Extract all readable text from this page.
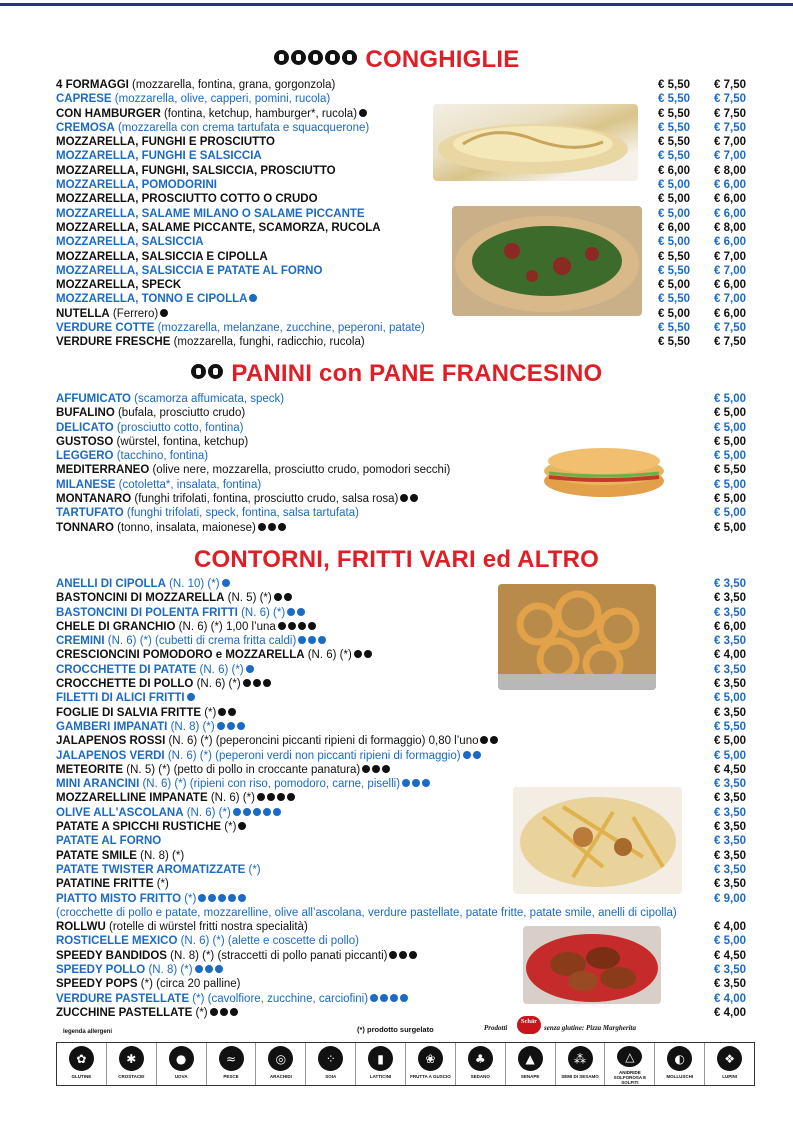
CONGHIGLIE
4 FORMAGGI (mozzarella, fontina, grana, gorgonzola)	€ 5,50 € 7,50
CAPRESE (mozzarella, olive, capperi, pomini, rucola)	€ 5,50 € 7,50
CON HAMBURGER (fontina, ketchup, hamburger*, rucola)	€ 5,50 € 7,50
CREMOSA (mozzarella con crema tartufata e squacquerone)	€ 5,50 € 7,50
MOZZARELLA, FUNGHI E PROSCIUTTO	€ 5,50 € 7,00
MOZZARELLA, FUNGHI E SALSICCIA	€ 5,50 € 7,00
MOZZARELLA, FUNGHI, SALSICCIA, PROSCIUTTO	€ 6,00 € 8,00
MOZZARELLA, POMODORINI	€ 5,00 € 6,00
MOZZARELLA, PROSCIUTTO COTTO O CRUDO	€ 5,00 € 6,00
MOZZARELLA, SALAME MILANO O SALAME PICCANTE	€ 5,00 € 6,00
MOZZARELLA, SALAME PICCANTE, SCAMORZA, RUCOLA	€ 6,00 € 8,00
MOZZARELLA, SALSICCIA	€ 5,00 € 6,00
MOZZARELLA, SALSICCIA E CIPOLLA	€ 5,50 € 7,00
MOZZARELLA, SALSICCIA E PATATE AL FORNO	€ 5,50 € 7,00
MOZZARELLA, SPECK	€ 5,00 € 6,00
MOZZARELLA, TONNO E CIPOLLA	€ 5,50 € 7,00
NUTELLA (Ferrero)	€ 5,00 € 6,00
VERDURE COTTE (mozzarella, melanzane, zucchine, peperoni, patate)	€ 5,50 € 7,50
VERDURE FRESCHE (mozzarella, funghi, radicchio, rucola)	€ 5,50 € 7,50
PANINI con PANE FRANCESINO
AFFUMICATO (scamorza affumicata, speck)	€ 5,00
BUFALINO (bufala, prosciutto crudo)	€ 5,00
DELICATO (prosciutto cotto, fontina)	€ 5,00
GUSTOSO (würstel, fontina, ketchup)	€ 5,00
LEGGERO (tacchino, fontina)	€ 5,00
MEDITERRANEO (olive nere, mozzarella, prosciutto crudo, pomodori secchi)	€ 5,50
MILANESE (cotoletta*, insalata, fontina)	€ 5,00
MONTANARO (funghi trifolati, fontina, prosciutto crudo, salsa rosa)	€ 5,00
TARTUFATO (funghi trifolati, speck, fontina, salsa tartufata)	€ 5,00
TONNARO (tonno, insalata, maionese)	€ 5,00
CONTORNI, FRITTI VARI ed ALTRO
ANELLI DI CIPOLLA (N. 10) (*)	€ 3,50
BASTONCINI DI MOZZARELLA (N. 5) (*)	€ 3,50
BASTONCINI DI POLENTA FRITTI (N. 6) (*)	€ 3,50
CHELE DI GRANCHIO (N. 6) (*) 1,00 l’una	€ 6,00
CREMINI (N. 6) (*) (cubetti di crema fritta caldi)	€ 3,50
CRESCIONCINI POMODORO e MOZZARELLA (N. 6) (*)	€ 4,00
CROCCHETTE DI PATATE (N. 6) (*)	€ 3,50
CROCCHETTE DI POLLO (N. 6) (*)	€ 3,50
FILETTI DI ALICI FRITTI	€ 5,00
FOGLIE DI SALVIA FRITTE (*)	€ 3,50
GAMBERI IMPANATI (N. 8) (*)	€ 5,50
JALAPENOS ROSSI (N. 6) (*) (peperoncini piccanti ripieni di formaggio) 0,80 l’uno	€ 5,00
JALAPENOS VERDI (N. 6) (*) (peperoni verdi non piccanti ripieni di formaggio)	€ 5,00
METEORITE (N. 5) (*) (petto di pollo in croccante panatura)	€ 4,50
MINI ARANCINI (N. 6) (*) (ripieni con riso, pomodoro, carne, piselli)	€ 3,50
MOZZARELLINE IMPANATE (N. 6) (*)	€ 3,50
OLIVE ALL'ASCOLANA (N. 6) (*)	€ 3,50
PATATE A SPICCHI RUSTICHE (*)	€ 3,50
PATATE AL FORNO	€ 3,50
PATATE SMILE (N. 8) (*)	€ 3,50
PATATE TWISTER AROMATIZZATE (*)	€ 3,50
PATATINE FRITTE (*)	€ 3,50
PIATTO MISTO FRITTO (*)	€ 9,00
(crocchette di pollo e patate, mozzarelline, olive all’ascolana, verdure pastellate, patate fritte, patate smile, anelli di cipolla)
ROLLWU (rotelle di würstel fritti nostra specialità)	€ 4,00
ROSTICELLE MEXICO (N. 6) (*) (alette e coscette di pollo)	€ 5,00
SPEEDY BANDIDOS (N. 8) (*) (straccetti di pollo panati piccanti)	€ 4,50
SPEEDY POLLO (N. 8) (*)	€ 3,50
SPEEDY POPS (*) (circa 20 palline)	€ 3,50
VERDURE PASTELLATE (*) (cavolfiore, zucchine, carciofini)	€ 4,00
ZUCCHINE PASTELLATE (*)	€ 4,00
legenda allergeni	(*) prodotto surgelato	Prodotti
Schär
senza glutine: Pizza Margherita
✿
GLUTINE
✱
CROSTACEI
●
UOVA
≈
PESCE
◎
ARACHIDI
⁘
SOIA
▮
LATTICINI
❀
FRUTTA A GUSCIO
♣
SEDANO
▲
SENAPE
⁂
SEMI DI SESAMO
△
ANIDRIDE SOLFOROSA E SOLFITI
◐
MOLLUSCHI
❖
LUPINI
